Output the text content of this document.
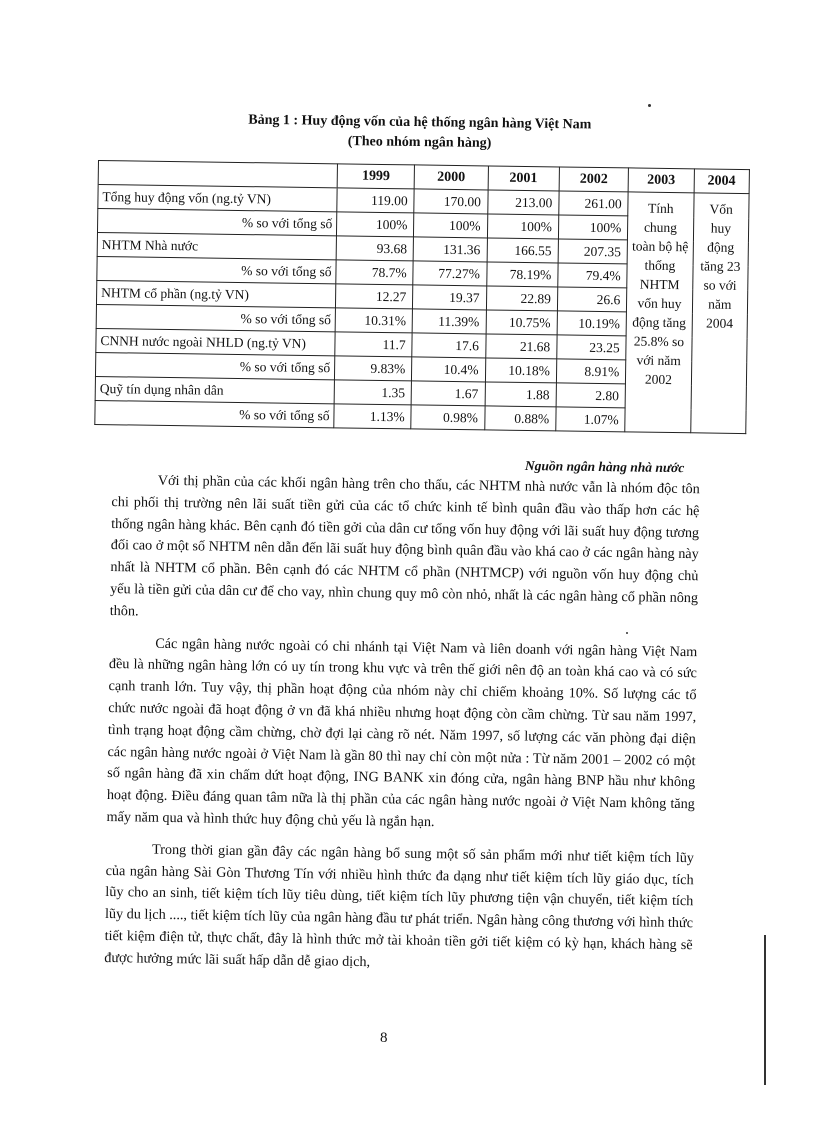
Bảng 1 : Huy động vốn của hệ thống ngân hàng Việt Nam
(Theo nhóm ngân hàng)
	1999	2000	2001	2002	2003	2004
Tổng huy động vốn (ng.tỷ VN)	119.00	170.00	213.00	261.00	Tính chung toàn bộ hệ thống NHTM vốn huy động tăng 25.8% so với năm 2002	Vốn huy động tăng 23 so với năm 2004
% so với tổng số	100%	100%	100%	100%		
NHTM Nhà nước	93.68	131.36	166.55	207.35		
% so với tổng số	78.7%	77.27%	78.19%	79.4%		
NHTM cổ phần (ng.tỷ VN)	12.27	19.37	22.89	26.6		
% so với tổng số	10.31%	11.39%	10.75%	10.19%		
CNNH nước ngoài NHLD (ng.tỷ VN)	11.7	17.6	21.68	23.25		
% so với tổng số	9.83%	10.4%	10.18%	8.91%		
Quỹ tín dụng nhân dân	1.35	1.67	1.88	2.80		
% so với tổng số	1.13%	0.98%	0.88%	1.07%		
Nguồn ngân hàng nhà nước

Với thị phần của các khối ngân hàng trên cho thấu, các NHTM nhà nước vẫn là nhóm độc tôn chi phối thị trường nên lãi suất tiền gửi của các tổ chức kinh tế bình quân đầu vào thấp hơn các hệ thống ngân hàng khác. Bên cạnh đó tiền gởi của dân cư tổng vốn huy động với lãi suất huy động tương đối cao ở một số NHTM nên dẫn đến lãi suất huy động bình quân đầu vào khá cao ở các ngân hàng này nhất là NHTM cổ phần. Bên cạnh đó các NHTM cổ phần (NHTMCP) với nguồn vốn huy động chủ yếu là tiền gửi của dân cư để cho vay, nhìn chung quy mô còn nhỏ, nhất là các ngân hàng cổ phần nông thôn.

Các ngân hàng nước ngoài có chi nhánh tại Việt Nam và liên doanh với ngân hàng Việt Nam đều là những ngân hàng lớn có uy tín trong khu vực và trên thế giới nên độ an toàn khá cao và có sức cạnh tranh lớn. Tuy vậy, thị phần hoạt động của nhóm này chỉ chiếm khoảng 10%. Số lượng các tổ chức nước ngoài đã hoạt động ở vn đã khá nhiều nhưng hoạt động còn cầm chừng. Từ sau năm 1997, tình trạng hoạt động cầm chừng, chờ đợi lại càng rõ nét. Năm 1997, số lượng các văn phòng đại diện các ngân hàng nước ngoài ở Việt Nam là gần 80 thì nay chỉ còn một nửa : Từ năm 2001 – 2002 có một số ngân hàng đã xin chấm dứt hoạt động, ING BANK xin đóng cửa, ngân hàng BNP hầu như không hoạt động. Điều đáng quan tâm nữa là thị phần của các ngân hàng nước ngoài ở Việt Nam không tăng mấy năm qua và hình thức huy động chủ yếu là ngắn hạn.

Trong thời gian gần đây các ngân hàng bổ sung một số sản phẩm mới như tiết kiệm tích lũy của ngân hàng Sài Gòn Thương Tín với nhiều hình thức đa dạng như tiết kiệm tích lũy giáo dục, tích lũy cho an sinh, tiết kiệm tích lũy tiêu dùng, tiết kiệm tích lũy phương tiện vận chuyển, tiết kiệm tích lũy du lịch ...., tiết kiệm tích lũy của ngân hàng đầu tư phát triển. Ngân hàng công thương với hình thức tiết kiệm điện tử, thực chất, đây là hình thức mở tài khoản tiền gởi tiết kiệm có kỳ hạn, khách hàng sẽ được hưởng mức lãi suất hấp dẫn dễ giao dịch,

8
